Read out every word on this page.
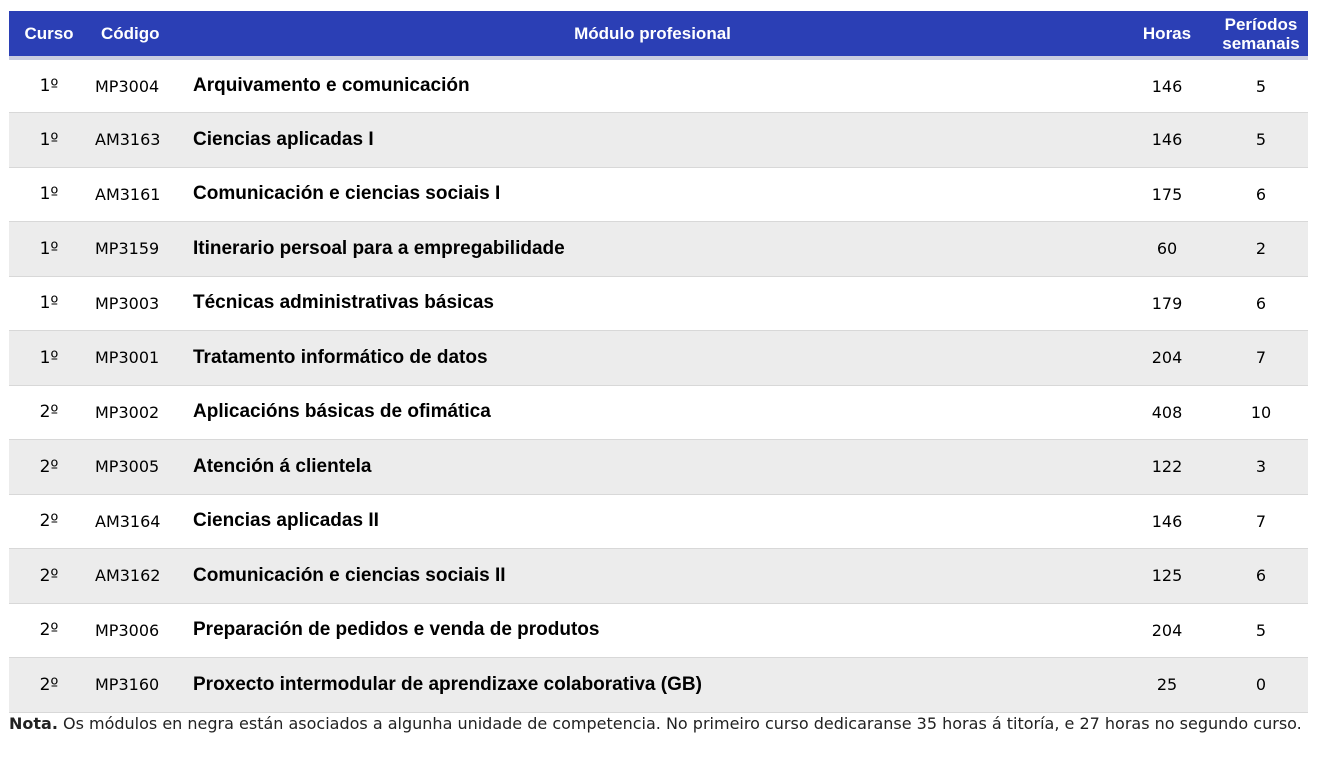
Curso	Código	Módulo profesional	Horas	Períodos semanais
1º	MP3004	Arquivamento e comunicación	146	5
1º	AM3163	Ciencias aplicadas I	146	5
1º	AM3161	Comunicación e ciencias sociais I	175	6
1º	MP3159	Itinerario persoal para a empregabilidade	60	2
1º	MP3003	Técnicas administrativas básicas	179	6
1º	MP3001	Tratamento informático de datos	204	7
2º	MP3002	Aplicacións básicas de ofimática	408	10
2º	MP3005	Atención á clientela	122	3
2º	AM3164	Ciencias aplicadas II	146	7
2º	AM3162	Comunicación e ciencias sociais II	125	6
2º	MP3006	Preparación de pedidos e venda de produtos	204	5
2º	MP3160	Proxecto intermodular de aprendizaxe colaborativa (GB)	25	0
Nota. Os módulos en negra están asociados a algunha unidade de competencia. No primeiro curso dedicaranse 35 horas á titoría, e 27 horas no segundo curso.
